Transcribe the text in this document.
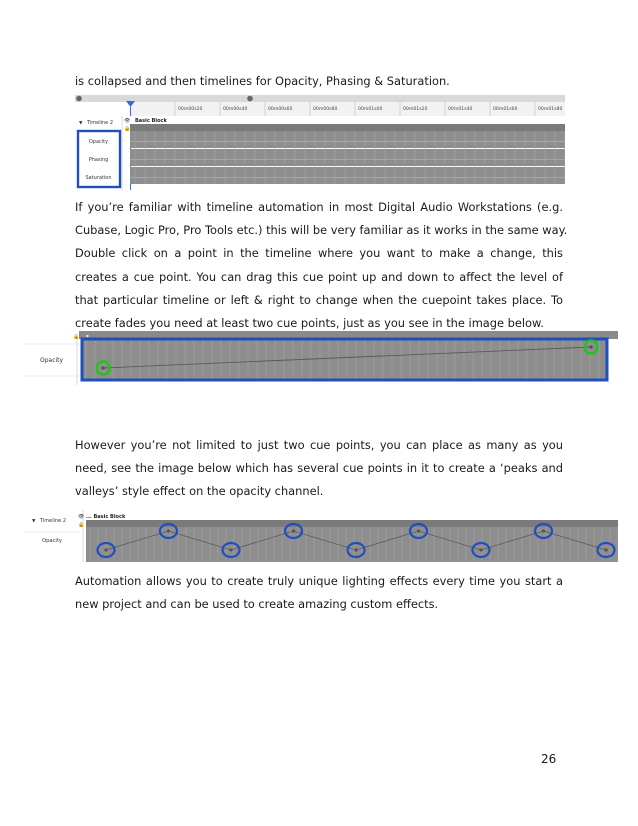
is collapsed and then timelines for Opacity, Phasing & Saturation.

00m00s20	00m00s40	00m00s60	00m00s80	00m01s00	00m01s20	00m01s40	00m01s60	00m01s80
▼ Timeline 2 👁 Basic Block
🔒
Opacity
Phasing
Saturation

If you’re familiar with timeline automation in most Digital Audio Workstations (e.g.
Cubase, Logic Pro, Pro Tools etc.) this will be very familiar as it works in the same way.
Double click on a point in the timeline where you want to make a change, this
creates a cue point. You can drag this cue point up and down to affect the level of
that particular timeline or left & right to change when the cuepoint takes place. To
create fades you need at least two cue points, just as you see in the image below.

🔒 ▪
Opacity

However you’re not limited to just two cue points, you can place as many as you
need, see the image below which has several cue points in it to create a ‘peaks and
valleys’ style effect on the opacity channel.

▼ Timeline 2
👁 ... Basic Block
🔒
Opacity

Automation allows you to create truly unique lighting effects every time you start a
new project and can be used to create amazing custom effects.

26
